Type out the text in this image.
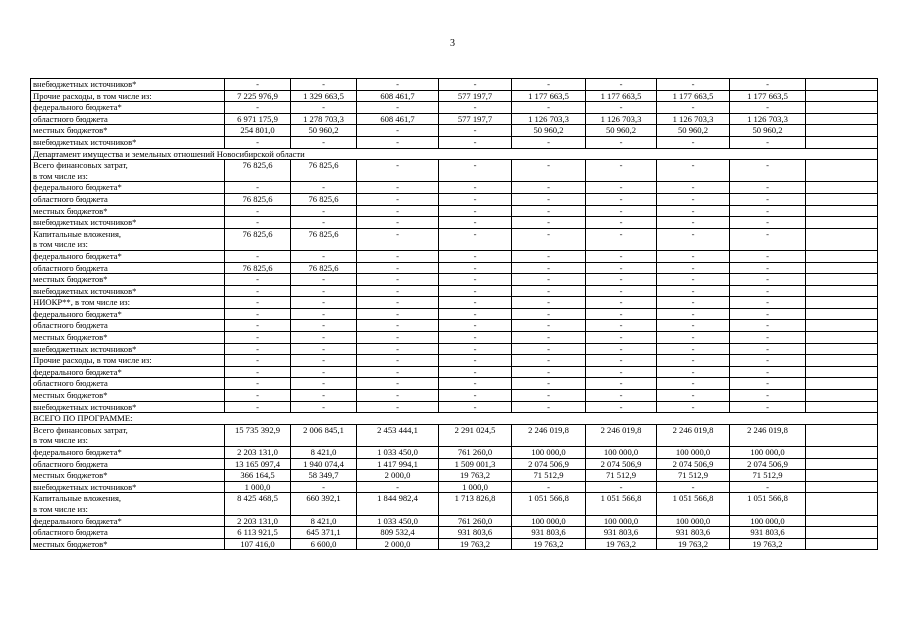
3
внебюджетных источников*	-	-	-	-	-	-	-	-	

Прочие расходы, в том числе из:	7 225 976,9	1 329 663,5	608 461,7	577 197,7	1 177 663,5	1 177 663,5	1 177 663,5	1 177 663,5	

федерального бюджета*	-	-	-	-	-	-	-	-	

областного бюджета	6 971 175,9	1 278 703,3	608 461,7	577 197,7	1 126 703,3	1 126 703,3	1 126 703,3	1 126 703,3	

местных бюджетов*	254 801,0	50 960,2	-	-	50 960,2	50 960,2	50 960,2	50 960,2	

внебюджетных источников*	-	-	-	-	-	-	-	-	
Департамент имущества и земельных отношений Новосибирской области									

Всего финансовых затрат,
в том числе из:	76 825,6	76 825,6	-	-	-	-	-	-	

федерального бюджета*	-	-	-	-	-	-	-	-	

областного бюджета	76 825,6	76 825,6	-	-	-	-	-	-	

местных бюджетов*	-	-	-	-	-	-	-	-	

внебюджетных источников*	-	-	-	-	-	-	-	-	

Капитальные вложения,
в том числе из:	76 825,6	76 825,6	-	-	-	-	-	-	

федерального бюджета*	-	-	-	-	-	-	-	-	

областного бюджета	76 825,6	76 825,6	-	-	-	-	-	-	

местных бюджетов*	-	-	-	-	-	-	-	-	

внебюджетных источников*	-	-	-	-	-	-	-	-	

НИОКР**, в том числе из:	-	-	-	-	-	-	-	-	

федерального бюджета*	-	-	-	-	-	-	-	-	

областного бюджета	-	-	-	-	-	-	-	-	

местных бюджетов*	-	-	-	-	-	-	-	-	

внебюджетных источников*	-	-	-	-	-	-	-	-	

Прочие расходы, в том числе из:	-	-	-	-	-	-	-	-	

федерального бюджета*	-	-	-	-	-	-	-	-	

областного бюджета	-	-	-	-	-	-	-	-	

местных бюджетов*	-	-	-	-	-	-	-	-	

внебюджетных источников*	-	-	-	-	-	-	-	-	
ВСЕГО ПО ПРОГРАММЕ:									

Всего финансовых затрат,
в том числе из:	15 735 392,9	2 006 845,1	2 453 444,1	2 291 024,5	2 246 019,8	2 246 019,8	2 246 019,8	2 246 019,8	

федерального бюджета*	2 203 131,0	8 421,0	1 033 450,0	761 260,0	100 000,0	100 000,0	100 000,0	100 000,0	

областного бюджета	13 165 097,4	1 940 074,4	1 417 994,1	1 509 001,3	2 074 506,9	2 074 506,9	2 074 506,9	2 074 506,9	

местных бюджетов*	366 164,5	58 349,7	2 000,0	19 763,2	71 512,9	71 512,9	71 512,9	71 512,9	

внебюджетных источников*	1 000,0	-	-	1 000,0	-	-	-	-	

Капитальные вложения,
в том числе из:	8 425 468,5	660 392,1	1 844 982,4	1 713 826,8	1 051 566,8	1 051 566,8	1 051 566,8	1 051 566,8	

федерального бюджета*	2 203 131,0	8 421,0	1 033 450,0	761 260,0	100 000,0	100 000,0	100 000,0	100 000,0	

областного бюджета	6 113 921,5	645 371,1	809 532,4	931 803,6	931 803,6	931 803,6	931 803,6	931 803,6	

местных бюджетов*	107 416,0	6 600,0	2 000,0	19 763,2	19 763,2	19 763,2	19 763,2	19 763,2	
